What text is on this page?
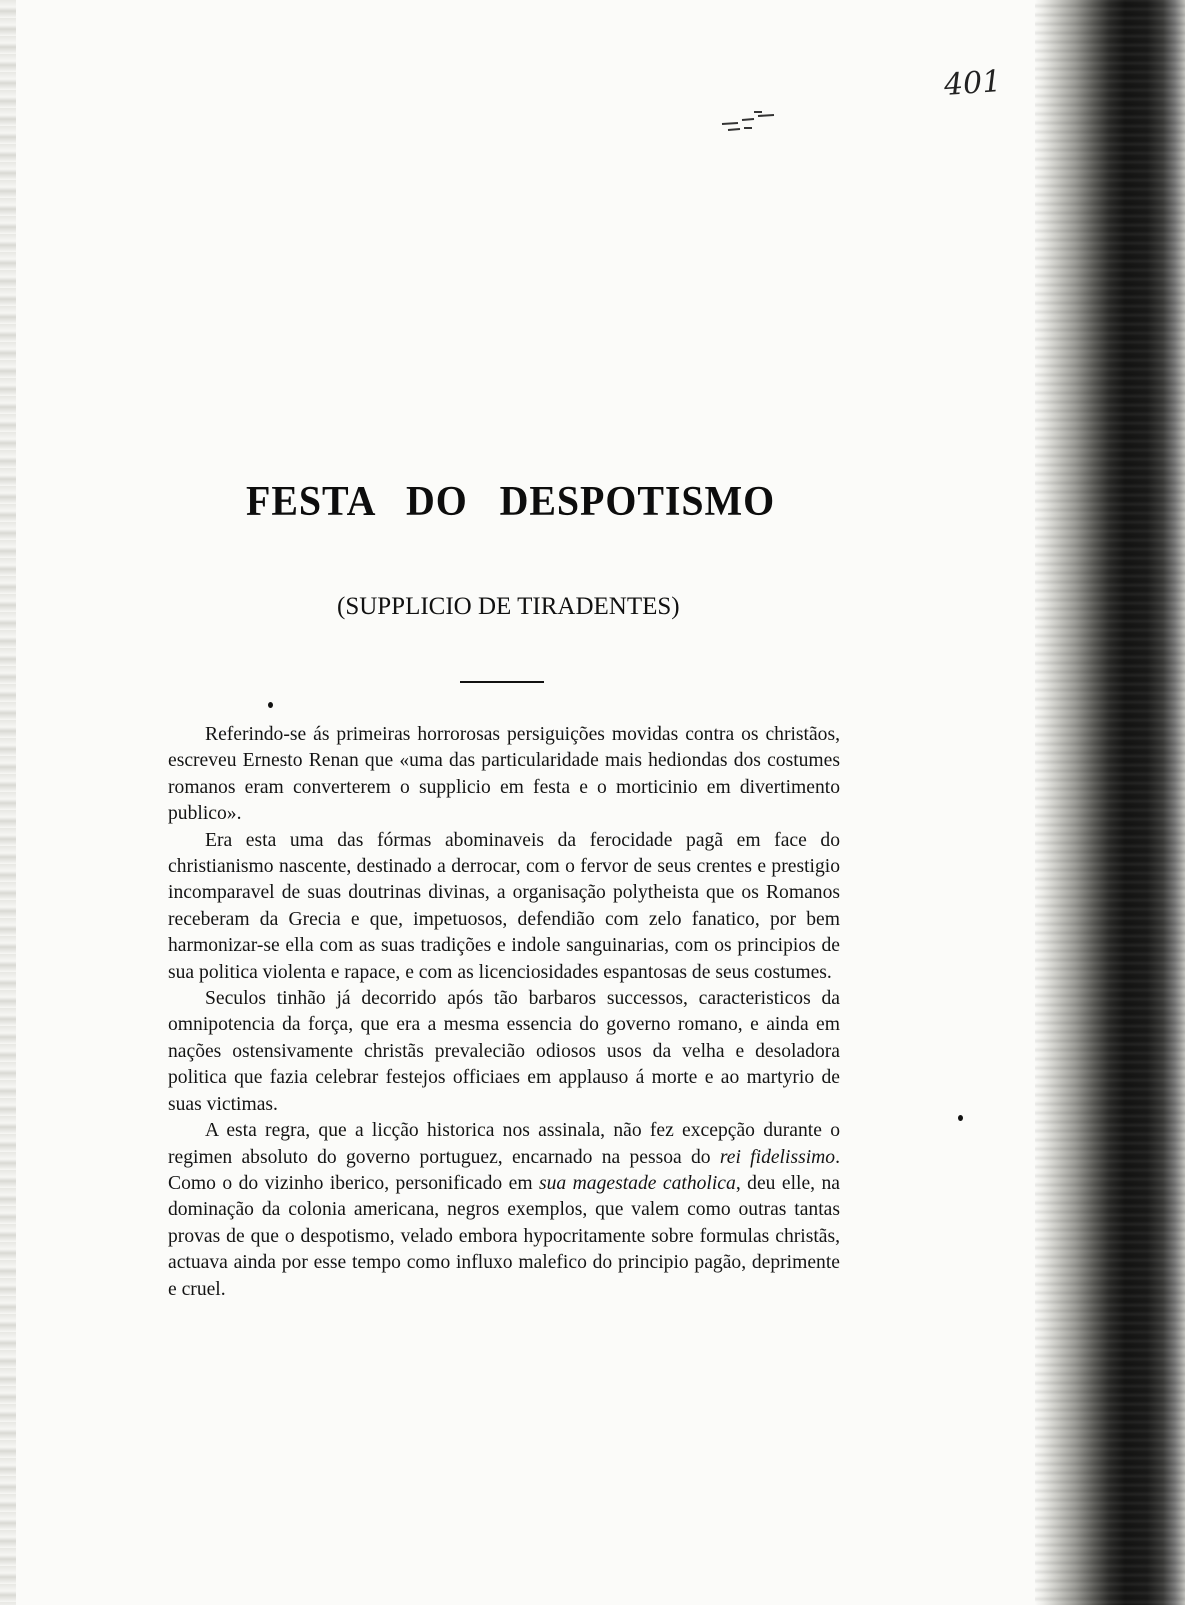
401
FESTA DO DESPOTISMO
(SUPPLICIO DE TIRADENTES)

Referindo-se ás primeiras horrorosas persiguições movidas contra os christãos, escreveu Ernesto Renan que «uma das particularidade mais hediondas dos costumes romanos eram converterem o supplicio em festa e o morticinio em divertimento publico».

Era esta uma das fórmas abominaveis da ferocidade pagã em face do christianismo nascente, destinado a derrocar, com o fervor de seus crentes e prestigio incomparavel de suas doutrinas divinas, a organisação polytheista que os Romanos receberam da Grecia e que, impetuosos, defendião com zelo fanatico, por bem harmonizar-se ella com as suas tradições e indole sanguinarias, com os principios de sua politica violenta e rapace, e com as licenciosidades espantosas de seus costumes.

Seculos tinhão já decorrido após tão barbaros successos, caracteristicos da omnipotencia da força, que era a mesma essencia do governo romano, e ainda em nações ostensivamente christãs prevalecião odiosos usos da velha e desoladora politica que fazia celebrar festejos officiaes em applauso á morte e ao martyrio de suas victimas.

A esta regra, que a licção historica nos assinala, não fez excepção durante o regimen absoluto do governo portuguez, encarnado na pessoa do rei fidelissimo. Como o do vizinho iberico, personificado em sua magestade catholica, deu elle, na dominação da colonia americana, negros exemplos, que valem como outras tantas provas de que o despotismo, velado embora hypocritamente sobre formulas christãs, actuava ainda por esse tempo como influxo malefico do principio pagão, deprimente e cruel.
